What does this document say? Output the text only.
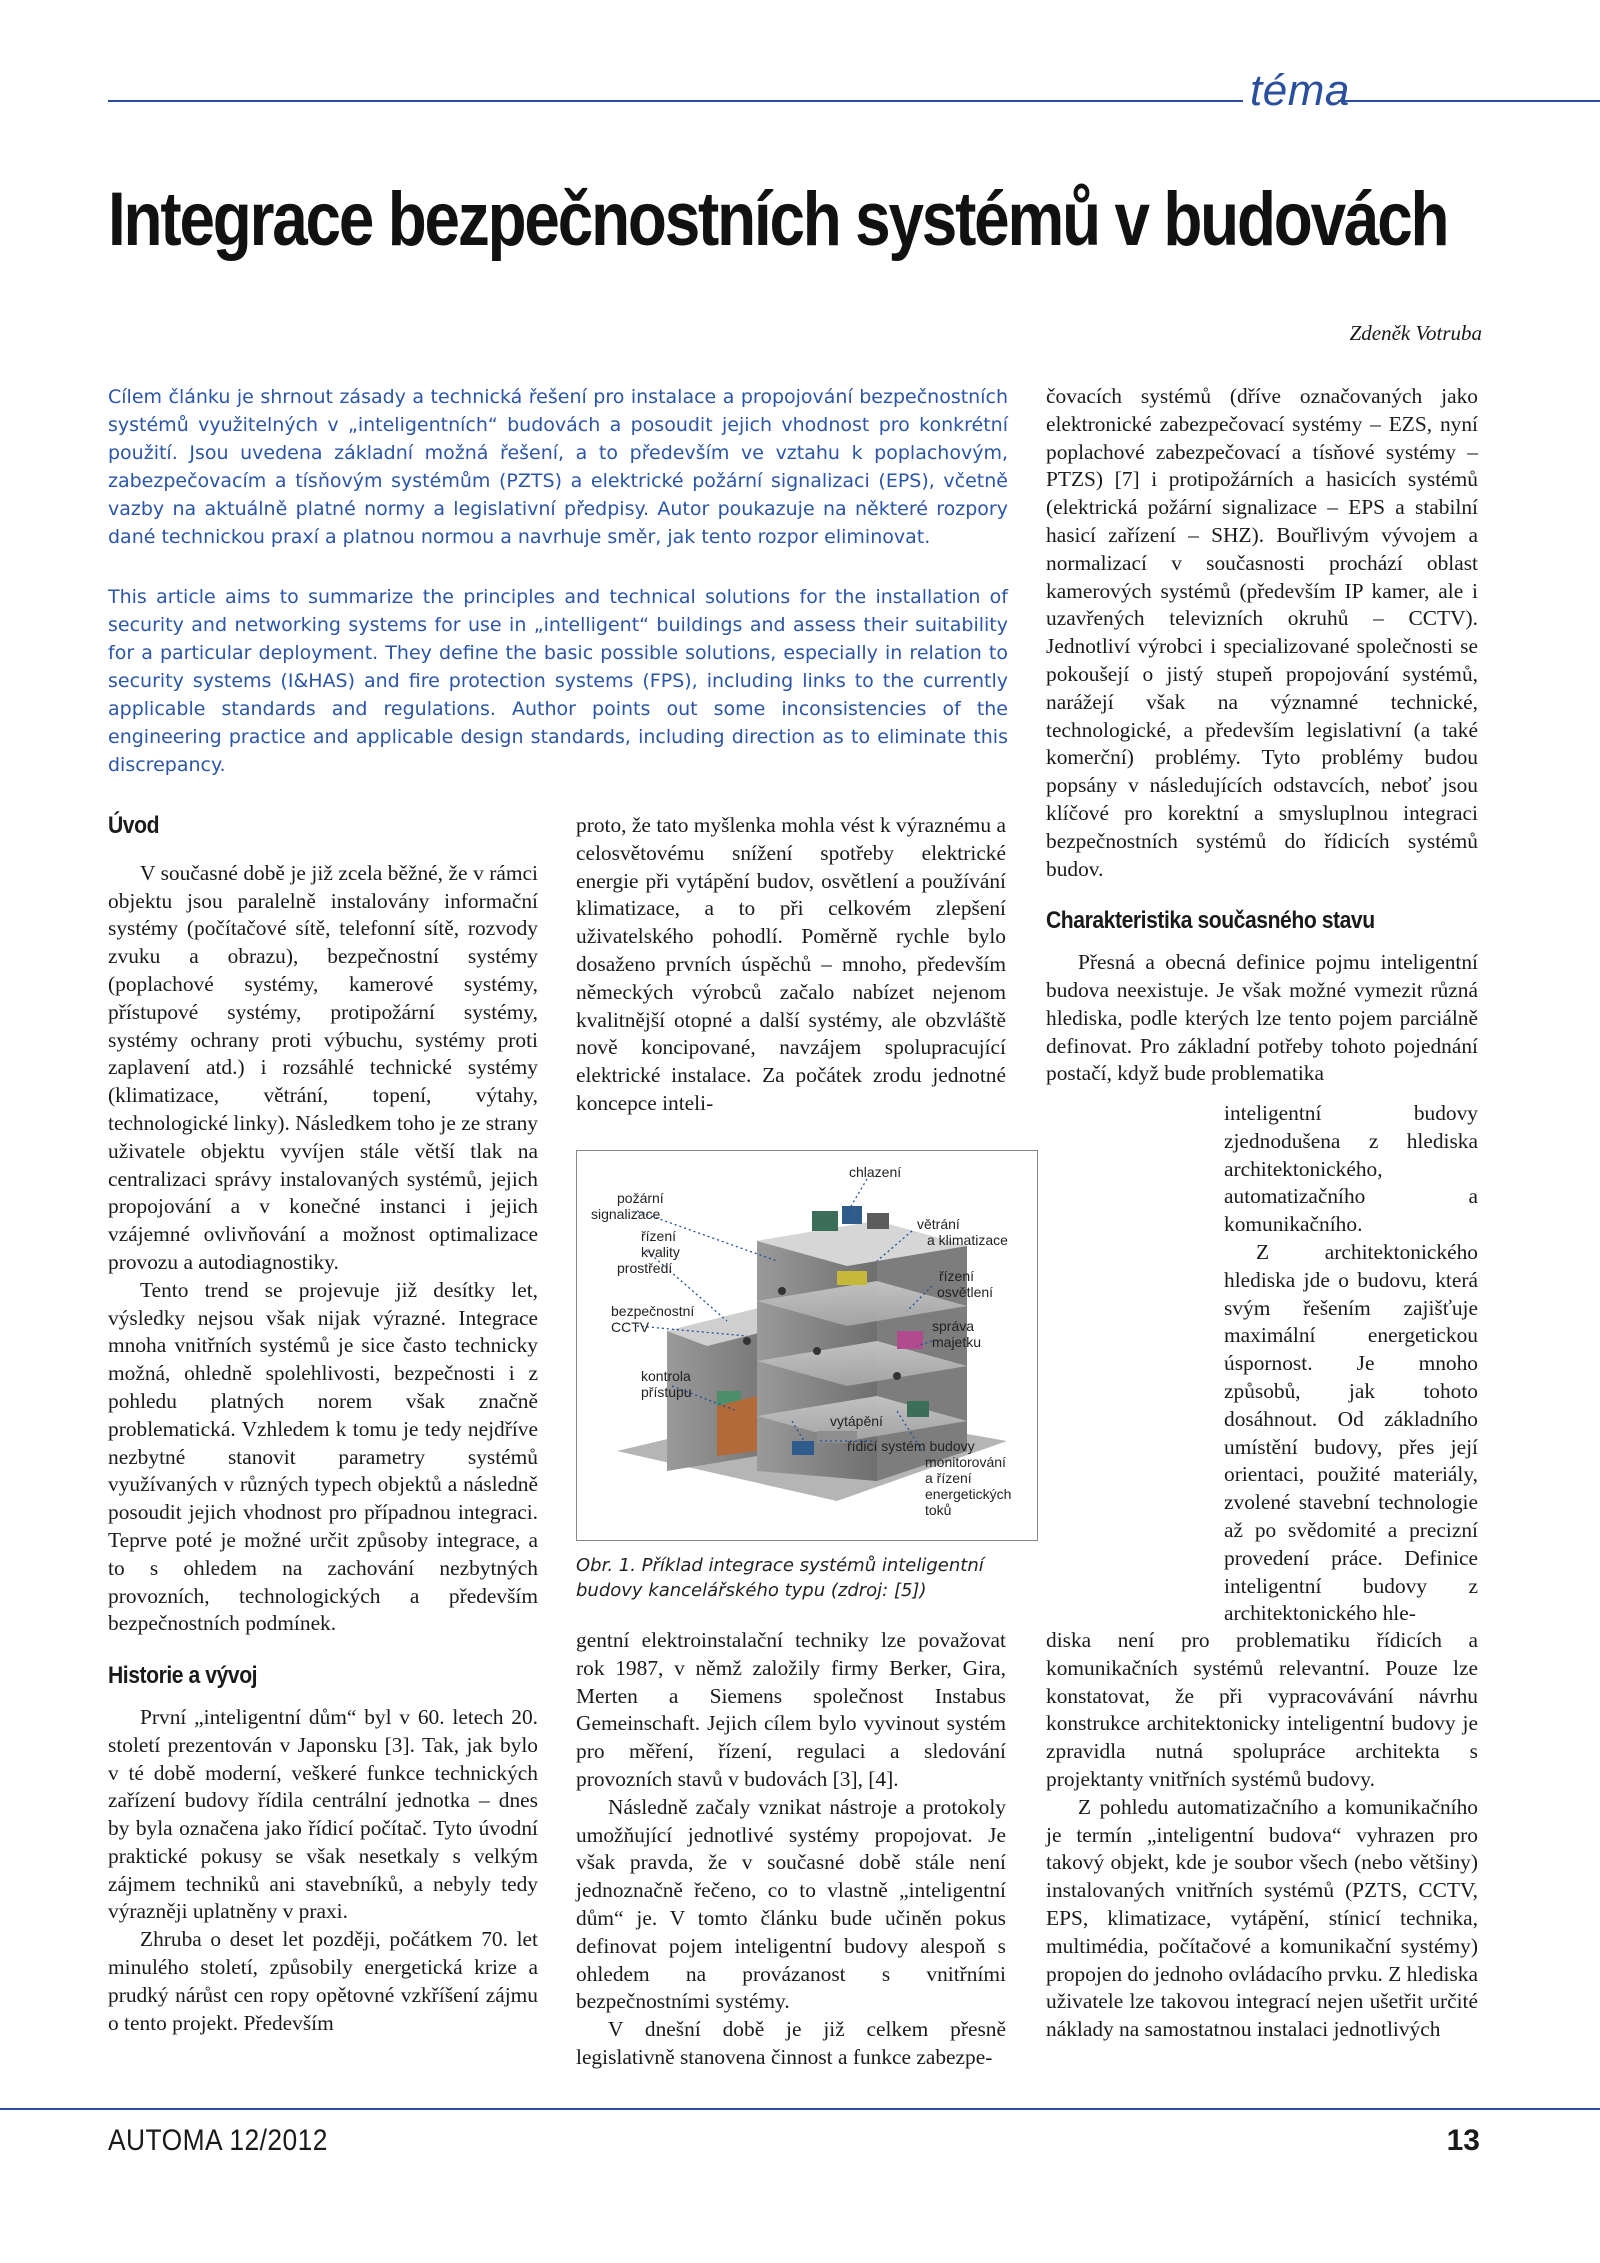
téma
Integrace bezpečnostních systémů v budovách
Zdeněk Votruba
Cílem článku je shrnout zásady a technická řešení pro instalace a propojování bezpečnostních systémů využitelných v „inteligentních“ budovách a posoudit jejich vhodnost pro konkrétní použití. Jsou uvedena základní možná řešení, a to především ve vztahu k poplachovým, zabezpečovacím a tísňovým systémům (PZTS) a elektrické požární signalizaci (EPS), včetně vazby na aktuálně platné normy a legislativní předpisy. Autor poukazuje na některé rozpory dané technickou praxí a platnou normou a navrhuje směr, jak tento rozpor eliminovat.
This article aims to summarize the principles and technical solutions for the installation of security and networking systems for use in „intelligent“ buildings and assess their suitability for a particular deployment. They define the basic possible solutions, especially in relation to security systems (I&HAS) and fire protection systems (FPS), including links to the currently applicable standards and regulations. Author points out some inconsistencies of the engineering practice and applicable design standards, including direction as to eliminate this discrepancy.
Úvod

V současné době je již zcela běžné, že v rámci objektu jsou paralelně instalovány informační systémy (počítačové sítě, telefonní sítě, rozvody zvuku a obrazu), bezpečnostní systémy (poplachové systémy, kamerové systémy, přístupové systémy, protipožární systémy, systémy ochrany proti výbuchu, systémy proti zaplavení atd.) i rozsáhlé technické systémy (klimatizace, větrání, topení, výtahy, technologické linky). Následkem toho je ze strany uživatele objektu vyvíjen stále větší tlak na centralizaci správy instalovaných systémů, jejich propojování a v konečné instanci i jejich vzájemné ovlivňování a možnost optimalizace provozu a autodiagnostiky.

Tento trend se projevuje již desítky let, výsledky nejsou však nijak výrazné. Integrace mnoha vnitřních systémů je sice často technicky možná, ohledně spolehlivosti, bezpečnosti i z pohledu platných norem však značně problematická. Vzhledem k tomu je tedy nejdříve nezbytné stanovit parametry systémů využívaných v různých typech objektů a následně posoudit jejich vhodnost pro případnou integraci. Teprve poté je možné určit způsoby integrace, a to s ohledem na zachování nezbytných provozních, technologických a především bezpečnostních podmínek.

Historie a vývoj

První „inteligentní dům“ byl v 60. letech 20. století prezentován v Japonsku [3]. Tak, jak bylo v té době moderní, veškeré funkce technických zařízení budovy řídila centrální jednotka – dnes by byla označena jako řídicí počítač. Tyto úvodní praktické pokusy se však nesetkaly s velkým zájmem techniků ani stavebníků, a nebyly tedy výrazněji uplatněny v praxi.

Zhruba o deset let později, počátkem 70. let minulého století, způsobily energetická krize a prudký nárůst cen ropy opětovné vzkříšení zájmu o tento projekt. Především

proto, že tato myšlenka mohla vést k výraznému a celosvětovému snížení spotřeby elektrické energie při vytápění budov, osvětlení a používání klimatizace, a to při celkovém zlepšení uživatelského pohodlí. Poměrně rychle bylo dosaženo prvních úspěchů – mnoho, především německých výrobců začalo nabízet nejenom kvalitnější otopné a další systémy, ale obzvláště nově koncipované, navzájem spolupracující elektrické instalace. Za počátek zrodu jednotné koncepce inteli-

chlazení
požární
signalizace
řízení
kvality
prostředí
bezpečnostní
CCTV
kontrola
přístupu
vytápění
řídicí systém budovy
větrání
a klimatizace
řízení
osvětlení
správa
majetku
monitorování
a řízení
energetických
toků
Obr. 1. Příklad integrace systémů inteligentní budovy kancelářského typu (zdroj: [5])

gentní elektroinstalační techniky lze považovat rok 1987, v němž založily firmy Berker, Gira, Merten a Siemens společnost Instabus Gemeinschaft. Jejich cílem bylo vyvinout systém pro měření, řízení, regulaci a sledování provozních stavů v budovách [3], [4].

Následně začaly vznikat nástroje a protokoly umožňující jednotlivé systémy propojovat. Je však pravda, že v současné době stále není jednoznačně řečeno, co to vlastně „inteligentní dům“ je. V tomto článku bude učiněn pokus definovat pojem inteligentní budovy alespoň s ohledem na provázanost s vnitřními bezpečnostními systémy.

V dnešní době je již celkem přesně legislativně stanovena činnost a funkce zabezpe-

čovacích systémů (dříve označovaných jako elektronické zabezpečovací systémy – EZS, nyní poplachové zabezpečovací a tísňové systémy – PTZS) [7] i protipožárních a hasicích systémů (elektrická požární signalizace – EPS a stabilní hasicí zařízení – SHZ). Bouřlivým vývojem a normalizací v současnosti prochází oblast kamerových systémů (především IP kamer, ale i uzavřených televizních okruhů – CCTV). Jednotliví výrobci i specializované společnosti se pokoušejí o jistý stupeň propojování systémů, narážejí však na významné technické, technologické, a především legislativní (a také komerční) problémy. Tyto problémy budou popsány v následujících odstavcích, neboť jsou klíčové pro korektní a smysluplnou integraci bezpečnostních systémů do řídicích systémů budov.

Charakteristika současného stavu

Přesná a obecná definice pojmu inteligentní budova neexistuje. Je však možné vymezit různá hlediska, podle kterých lze tento pojem parciálně definovat. Pro základní potřeby tohoto pojednání postačí, když bude problematika

inteligentní budovy zjednodušena z hlediska architektonického, automatizačního a komunikačního.

Z architektonického hlediska jde o budovu, která svým řešením zajišťuje maximální energetickou úspornost. Je mnoho způsobů, jak tohoto dosáhnout. Od základního umístění budovy, přes její orientaci, použité materiály, zvolené stavební technologie až po svědomité a precizní provedení práce. Definice inteligentní budovy z architektonického hle-

diska není pro problematiku řídicích a komunikačních systémů relevantní. Pouze lze konstatovat, že při vypracovávání návrhu konstrukce architektonicky inteligentní budovy je zpravidla nutná spolupráce architekta s projektanty vnitřních systémů budovy.

Z pohledu automatizačního a komunikačního je termín „inteligentní budova“ vyhrazen pro takový objekt, kde je soubor všech (nebo většiny) instalovaných vnitřních systémů (PZTS, CCTV, EPS, klimatizace, vytápění, stínicí technika, multimédia, počítačové a komunikační systémy) propojen do jednoho ovládacího prvku. Z hlediska uživatele lze takovou integrací nejen ušetřit určité náklady na samostatnou instalaci jednotlivých

AUTOMA 12/2012	13
